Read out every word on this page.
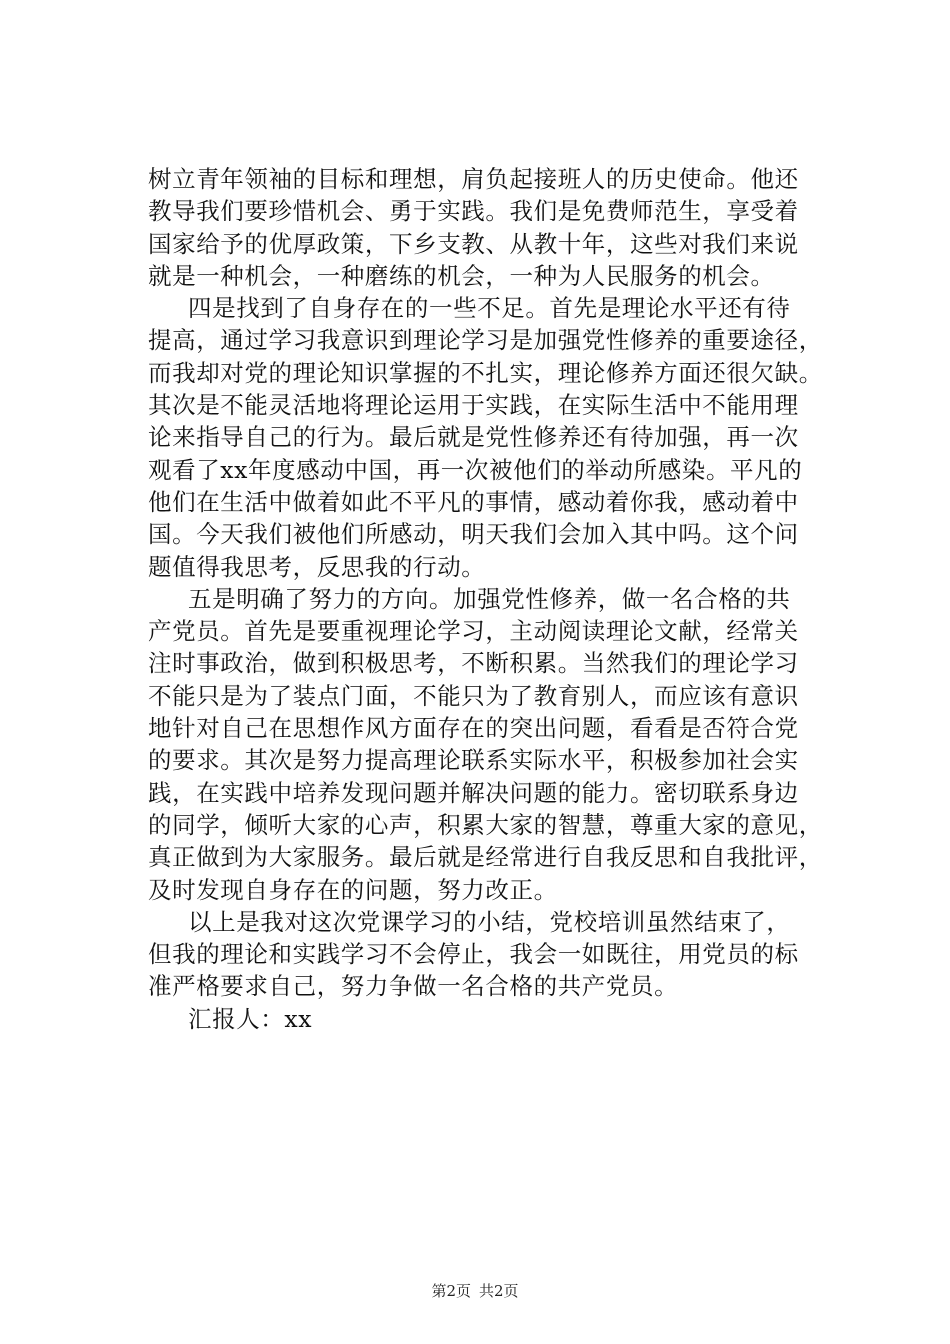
树立青年领袖的目标和理想，肩负起接班人的历史使命。他还
教导我们要珍惜机会、勇于实践。我们是免费师范生，享受着
国家给予的优厚政策，下乡支教、从教十年，这些对我们来说
就是一种机会，一种磨练的机会，一种为人民服务的机会。
四是找到了自身存在的一些不足。首先是理论水平还有待
提高，通过学习我意识到理论学习是加强党性修养的重要途径，
而我却对党的理论知识掌握的不扎实，理论修养方面还很欠缺。
其次是不能灵活地将理论运用于实践，在实际生活中不能用理
论来指导自己的行为。最后就是党性修养还有待加强，再一次
观看了xx年度感动中国，再一次被他们的举动所感染。平凡的
他们在生活中做着如此不平凡的事情，感动着你我，感动着中
国。今天我们被他们所感动，明天我们会加入其中吗。这个问
题值得我思考，反思我的行动。
五是明确了努力的方向。加强党性修养，做一名合格的共
产党员。首先是要重视理论学习，主动阅读理论文献，经常关
注时事政治，做到积极思考，不断积累。当然我们的理论学习
不能只是为了装点门面，不能只为了教育别人，而应该有意识
地针对自己在思想作风方面存在的突出问题，看看是否符合党
的要求。其次是努力提高理论联系实际水平，积极参加社会实
践，在实践中培养发现问题并解决问题的能力。密切联系身边
的同学，倾听大家的心声，积累大家的智慧，尊重大家的意见，
真正做到为大家服务。最后就是经常进行自我反思和自我批评，
及时发现自身存在的问题，努力改正。
以上是我对这次党课学习的小结，党校培训虽然结束了，
但我的理论和实践学习不会停止，我会一如既往，用党员的标
准严格要求自己，努力争做一名合格的共产党员。
汇报人：xx
第2页 共2页
